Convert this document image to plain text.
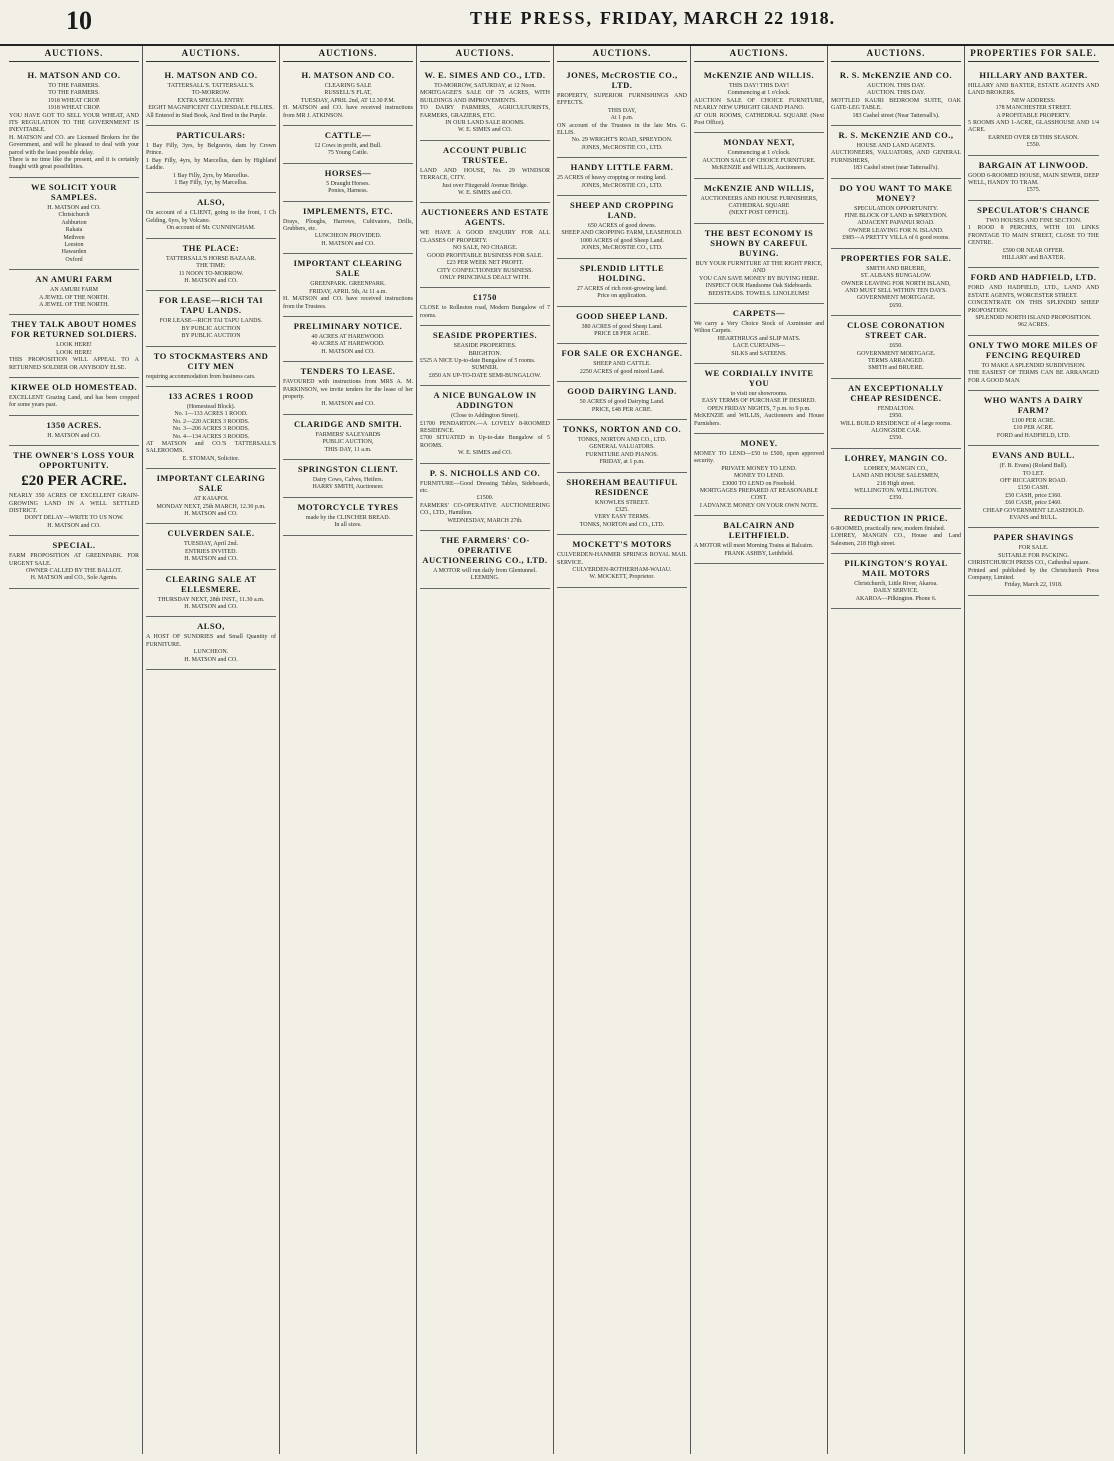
10	THE PRESS, FRIDAY, MARCH 22 1918.
AUCTIONS.
H. MATSON AND CO.

TO THE FARMERS.

TO THE FARMERS.

1918 WHEAT CROP.

1918 WHEAT CROP.

YOU HAVE GOT TO SELL YOUR WHEAT, AND ITS REGULATION TO THE GOVERNMENT IS INEVITABLE.

H. MATSON and CO. are Licensed Brokers for the Government, and will be pleased to deal with your parcel with the least possible delay.

There is no time like the present, and it is certainly fraught with great possibilities.

WE SOLICIT YOUR SAMPLES.

H. MATSON and CO.

Christchurch

Ashburton

Rakaia

Methven

Leeston

Hawarden

Oxford

AN AMURI FARM

AN AMURI FARM

A JEWEL OF THE NORTH.

A JEWEL OF THE NORTH.

THEY TALK ABOUT HOMES FOR RETURNED SOLDIERS.

LOOK HERE!

LOOK HERE!

THIS PROPOSITION WILL APPEAL TO A RETURNED SOLDIER OR ANYBODY ELSE.

KIRWEE OLD HOMESTEAD.

EXCELLENT Grazing Land, and has been cropped for some years past.

1350 ACRES.

H. MATSON and CO.

THE OWNER'S LOSS YOUR OPPORTUNITY.
£20 PER ACRE.

NEARLY 350 ACRES OF EXCELLENT GRAIN-GROWING LAND IN A WELL SETTLED DISTRICT.

DON'T DELAY—WRITE TO US NOW.

H. MATSON and CO.

SPECIAL.

FARM PROPOSITION AT GREENPARK. FOR URGENT SALE.

OWNER CALLED BY THE BALLOT.

H. MATSON and CO., Sole Agents.

AUCTIONS.
H. MATSON AND CO.

TATTERSALL'S. TATTERSALL'S.

TO-MORROW.

EXTRA SPECIAL ENTRY.

EIGHT MAGNIFICENT CLYDESDALE FILLIES.

All Entered in Stud Book, And Bred in the Purple.

PARTICULARS:

1 Bay Filly, 3yrs, by Belgravio, dam by Crown Prince.

1 Bay Filly, 4yrs, by Marcellus, dam by Highland Laddie.

1 Bay Filly, 2yrs, by Marcellus.

1 Bay Filly, 1yr, by Marcellus.

ALSO,

On account of a CLIENT, going to the front, 1 Ch Gelding, 6yrs, by Volcano.

On account of Mr. CUNNINGHAM.

THE PLACE:

TATTERSALL'S HORSE BAZAAR.

THE TIME:

11 NOON TO-MORROW.

H. MATSON and CO.

FOR LEASE—RICH TAI TAPU LANDS.

FOR LEASE—RICH TAI TAPU LANDS.

BY PUBLIC AUCTION

BY PUBLIC AUCTION

TO STOCKMASTERS AND CITY MEN

requiring accommodation from business cars.

133 ACRES 1 ROOD

(Homestead Block).

No. 1—133 ACRES 1 ROOD.

No. 2—220 ACRES 3 ROODS.

No. 3—206 ACRES 3 ROODS.

No. 4—134 ACRES 3 ROODS.

AT MATSON and CO.'S TATTERSALL'S SALEROOMS.

E. STOMAN, Solicitor.

IMPORTANT CLEARING SALE

AT KAIAPOI.

MONDAY NEXT, 25th MARCH, 12.30 p.m.

H. MATSON and CO.

CULVERDEN SALE.

TUESDAY, April 2nd.

ENTRIES INVITED.

H. MATSON and CO.

CLEARING SALE AT ELLESMERE.

THURSDAY NEXT, 28th INST., 11.30 a.m.

H. MATSON and CO.

ALSO,

A HOST OF SUNDRIES and Small Quantity of FURNITURE.

LUNCHEON.

H. MATSON and CO.

AUCTIONS.
H. MATSON AND CO.

CLEARING SALE

RUSSELL'S FLAT,

TUESDAY, APRIL 2nd, AT 12.30 P.M.

H. MATSON and CO. have received instructions from MR J. ATKINSON.

CATTLE—

12 Cows in profit, and Bull.

75 Young Cattle.

HORSES—

5 Draught Horses.

Ponies, Harness.

IMPLEMENTS, ETC.

Drays, Ploughs, Harrows, Cultivators, Drills, Grubbers, etc.

LUNCHEON PROVIDED.

H. MATSON and CO.

IMPORTANT CLEARING SALE

GREENPARK. GREENPARK.

FRIDAY, APRIL 5th, At 11 a.m.

H. MATSON and CO. have received instructions from the Trustees.

PRELIMINARY NOTICE.

40 ACRES AT HAREWOOD.

40 ACRES AT HAREWOOD.

H. MATSON and CO.

TENDERS TO LEASE.

FAVOURED with instructions from MRS A. M. PARKINSON, we invite tenders for the lease of her property.

H. MATSON and CO.

CLARIDGE AND SMITH.

FARMERS' SALEYARDS

PUBLIC AUCTION,

THIS DAY, 11 a.m.

SPRINGSTON CLIENT.

Dairy Cows, Calves, Heifers.

HARRY SMITH, Auctioneer.

MOTORCYCLE TYRES

made by the CLINCHER BREAD.

In all sizes.

AUCTIONS.
W. E. SIMES AND CO., LTD.

TO-MORROW, SATURDAY, at 12 Noon.

MORTGAGEE'S SALE OF 75 ACRES, WITH BUILDINGS AND IMPROVEMENTS.

TO DAIRY FARMERS, AGRICULTURISTS, FARMERS, GRAZIERS, ETC.

IN OUR LAND SALE ROOMS.

W. E. SIMES and CO.

ACCOUNT PUBLIC TRUSTEE.

LAND AND HOUSE, No. 29 WINDSOR TERRACE, CITY.

Just over Fitzgerald Avenue Bridge.

W. E. SIMES and CO.

AUCTIONEERS AND ESTATE AGENTS.

WE HAVE A GOOD ENQUIRY FOR ALL CLASSES OF PROPERTY.

NO SALE, NO CHARGE.

GOOD PROFITABLE BUSINESS FOR SALE.

£23 PER WEEK NET PROFIT.

CITY CONFECTIONERY BUSINESS.

ONLY PRINCIPALS DEALT WITH.

£1750

CLOSE to Rolleston road, Modern Bungalow of 7 rooms.

SEASIDE PROPERTIES.

SEASIDE PROPERTIES.

BRIGHTON.

£525 A NICE Up-to-date Bungalow of 5 rooms.

SUMNER.

£850 AN UP-TO-DATE SEMI-BUNGALOW.

A NICE BUNGALOW IN ADDINGTON

(Close to Addington Street).

£1700 PENDARTON.—A LOVELY 8-ROOMED RESIDENCE.

£700 SITUATED in Up-to-date Bungalow of 5 ROOMS.

W. E. SIMES and CO.

P. S. NICHOLLS AND CO.

FURNITURE—Good Dressing Tables, Sideboards, etc.

£1500.

FARMERS' CO-OPERATIVE AUCTIONEERING CO., LTD., Hamilton.

WEDNESDAY, MARCH 27th.

THE FARMERS' CO-OPERATIVE AUCTIONEERING CO., LTD.

A MOTOR will run daily from Glentunnel.

LEEMING.

AUCTIONS.
JONES, McCROSTIE CO., LTD.

PROPERTY, SUPERIOR FURNISHINGS AND EFFECTS.

THIS DAY,

At 1 p.m.

ON account of the Trustees in the late Mrs. G. ELLIS.

No. 29 WRIGHT'S ROAD, SPREYDON.

JONES, McCROSTIE CO., LTD.

HANDY LITTLE FARM.

25 ACRES of heavy cropping or resting land.

JONES, McCROSTIE CO., LTD.

SHEEP AND CROPPING LAND.

650 ACRES of good downs.

SHEEP AND CROPPING FARM, LEASEHOLD.

1000 ACRES of good Sheep Land.

JONES, McCROSTIE CO., LTD.

SPLENDID LITTLE HOLDING.

27 ACRES of rich root-growing land.

Price on application.

GOOD SHEEP LAND.

380 ACRES of good Sheep Land.

PRICE £8 PER ACRE.

FOR SALE OR EXCHANGE.

SHEEP AND CATTLE.

2250 ACRES of good mixed Land.

GOOD DAIRYING LAND.

50 ACRES of good Dairying Land.

PRICE, £48 PER ACRE.

TONKS, NORTON AND CO.

TONKS, NORTON AND CO., LTD.

GENERAL VALUATORS.

FURNITURE AND PIANOS.

FRIDAY, at 1 p.m.

SHOREHAM BEAUTIFUL RESIDENCE

KNOWLES STREET.

£325.

VERY EASY TERMS.

TONKS, NORTON and CO., LTD.

MOCKETT'S MOTORS

CULVERDEN-HANMER SPRINGS ROYAL MAIL SERVICE.

CULVERDEN-ROTHERHAM-WAIAU.

W. MOCKETT, Proprietor.

AUCTIONS.
McKENZIE AND WILLIS.

THIS DAY! THIS DAY!

Commencing at 1 o'clock.

AUCTION SALE OF CHOICE FURNITURE, NEARLY NEW UPRIGHT GRAND PIANO.

AT OUR ROOMS, CATHEDRAL SQUARE (Next Post Office).

MONDAY NEXT,

Commencing at 1 o'clock.

AUCTION SALE OF CHOICE FURNITURE.

McKENZIE and WILLIS, Auctioneers.

McKENZIE AND WILLIS,

AUCTIONEERS AND HOUSE FURNISHERS,

CATHEDRAL SQUARE

(NEXT POST OFFICE).

THE BEST ECONOMY IS SHOWN BY CAREFUL BUYING.

BUY YOUR FURNITURE AT THE RIGHT PRICE,

AND

YOU CAN SAVE MONEY BY BUYING HERE.

INSPECT OUR Handsome Oak Sideboards.

BEDSTEADS. TOWELS. LINOLEUMS!

CARPETS—

We carry a Very Choice Stock of Axminster and Wilton Carpets.

HEARTHRUGS and SLIP MATS.

LACE CURTAINS—

SILKS and SATEENS.

WE CORDIALLY INVITE YOU

to visit our showrooms.

EASY TERMS OF PURCHASE IF DESIRED.

OPEN FRIDAY NIGHTS, 7 p.m. to 9 p.m.

McKENZIE and WILLIS, Auctioneers and House Furnishers.

MONEY.

MONEY TO LEND—£50 to £500, upon approved security.

PRIVATE MONEY TO LEND.

MONEY TO LEND.

£3000 TO LEND on Freehold.

MORTGAGES PREPARED AT REASONABLE COST.

I ADVANCE MONEY ON YOUR OWN NOTE.

BALCAIRN AND LEITHFIELD.

A MOTOR will meet Morning Trains at Balcairn.

FRANK ASHBY, Leithfield.

AUCTIONS.
R. S. McKENZIE AND CO.

AUCTION. THIS DAY.

AUCTION. THIS DAY.

MOTTLED KAURI BEDROOM SUITE, OAK GATE-LEG TABLE.

183 Cashel street (Near Tattersall's).

R. S. McKENZIE AND CO.,

HOUSE AND LAND AGENTS.

AUCTIONEERS, VALUATORS, AND GENERAL FURNISHERS,

183 Cashel street (near Tattersall's).

DO YOU WANT TO MAKE MONEY?

SPECULATION OPPORTUNITY.

FINE BLOCK OF LAND in SPREYDON.

ADJACENT PAPANUI ROAD.

OWNER LEAVING FOR N. ISLAND.

£985—A PRETTY VILLA of 6 good rooms.

PROPERTIES FOR SALE.

SMITH AND BRUERE,

ST. ALBANS BUNGALOW.

OWNER LEAVING FOR NORTH ISLAND,

AND MUST SELL WITHIN TEN DAYS.

GOVERNMENT MORTGAGE.

£650.

CLOSE CORONATION STREET CAR.

£650.

GOVERNMENT MORTGAGE.

TERMS ARRANGED.

SMITH and BRUERE.

AN EXCEPTIONALLY CHEAP RESIDENCE.

FENDALTON.

£950.

WILL BUILD RESIDENCE of 4 large rooms.

ALONGSIDE CAR.

£550.

LOHREY, MANGIN CO.

LOHREY, MANGIN CO.,

LAND AND HOUSE SALESMEN,

218 High street.

WELLINGTON. WELLINGTON.

£350.

REDUCTION IN PRICE.

6-ROOMED, practically new, modern finished.

LOHREY, MANGIN CO., House and Land Salesmen, 218 High street.

PILKINGTON'S ROYAL MAIL MOTORS

Christchurch, Little River, Akaroa.

DAILY SERVICE.

AKAROA—Pilkington. Phone 6.

PROPERTIES FOR SALE.
HILLARY AND BAXTER.

HILLARY AND BAXTER, ESTATE AGENTS AND LAND BROKERS.

NEW ADDRESS:

178 MANCHESTER STREET.

A PROFITABLE PROPERTY.

5 ROOMS AND 1-ACRE, GLASSHOUSE AND 1/4 ACRE.

EARNED OVER £8 THIS SEASON.

£550.

BARGAIN AT LINWOOD.

GOOD 6-ROOMED HOUSE, MAIN SEWER, DEEP WELL, HANDY TO TRAM.

£575.

SPECULATOR'S CHANCE

TWO HOUSES AND FINE SECTION.

1 ROOD 8 PERCHES, WITH 101 LINKS FRONTAGE TO MAIN STREET, CLOSE TO THE CENTRE.

£590 OR NEAR OFFER.

HILLARY and BAXTER.

FORD AND HADFIELD, LTD.

FORD AND HADFIELD, LTD., LAND AND ESTATE AGENTS, WORCESTER STREET.

CONCENTRATE ON THIS SPLENDID SHEEP PROPOSITION.

SPLENDID NORTH ISLAND PROPOSITION.

962 ACRES.

ONLY TWO MORE MILES OF FENCING REQUIRED

TO MAKE A SPLENDID SUBDIVISION.

THE EASIEST OF TERMS CAN BE ARRANGED FOR A GOOD MAN.

WHO WANTS A DAIRY FARM?

£100 PER ACRE.

£10 PER ACRE.

FORD and HADFIELD, LTD.

EVANS AND BULL.

(F. B. Evans) (Roland Bull).

TO LET.

OFF RICCARTON ROAD.

£150 CASH.

£50 CASH, price £360.

£60 CASH, price £460.

CHEAP GOVERNMENT LEASEHOLD.

EVANS and BULL.

PAPER SHAVINGS

FOR SALE.

SUITABLE FOR PACKING.

CHRISTCHURCH PRESS CO., Cathedral square.

Printed and published by the Christchurch Press Company, Limited.

Friday, March 22, 1918.
